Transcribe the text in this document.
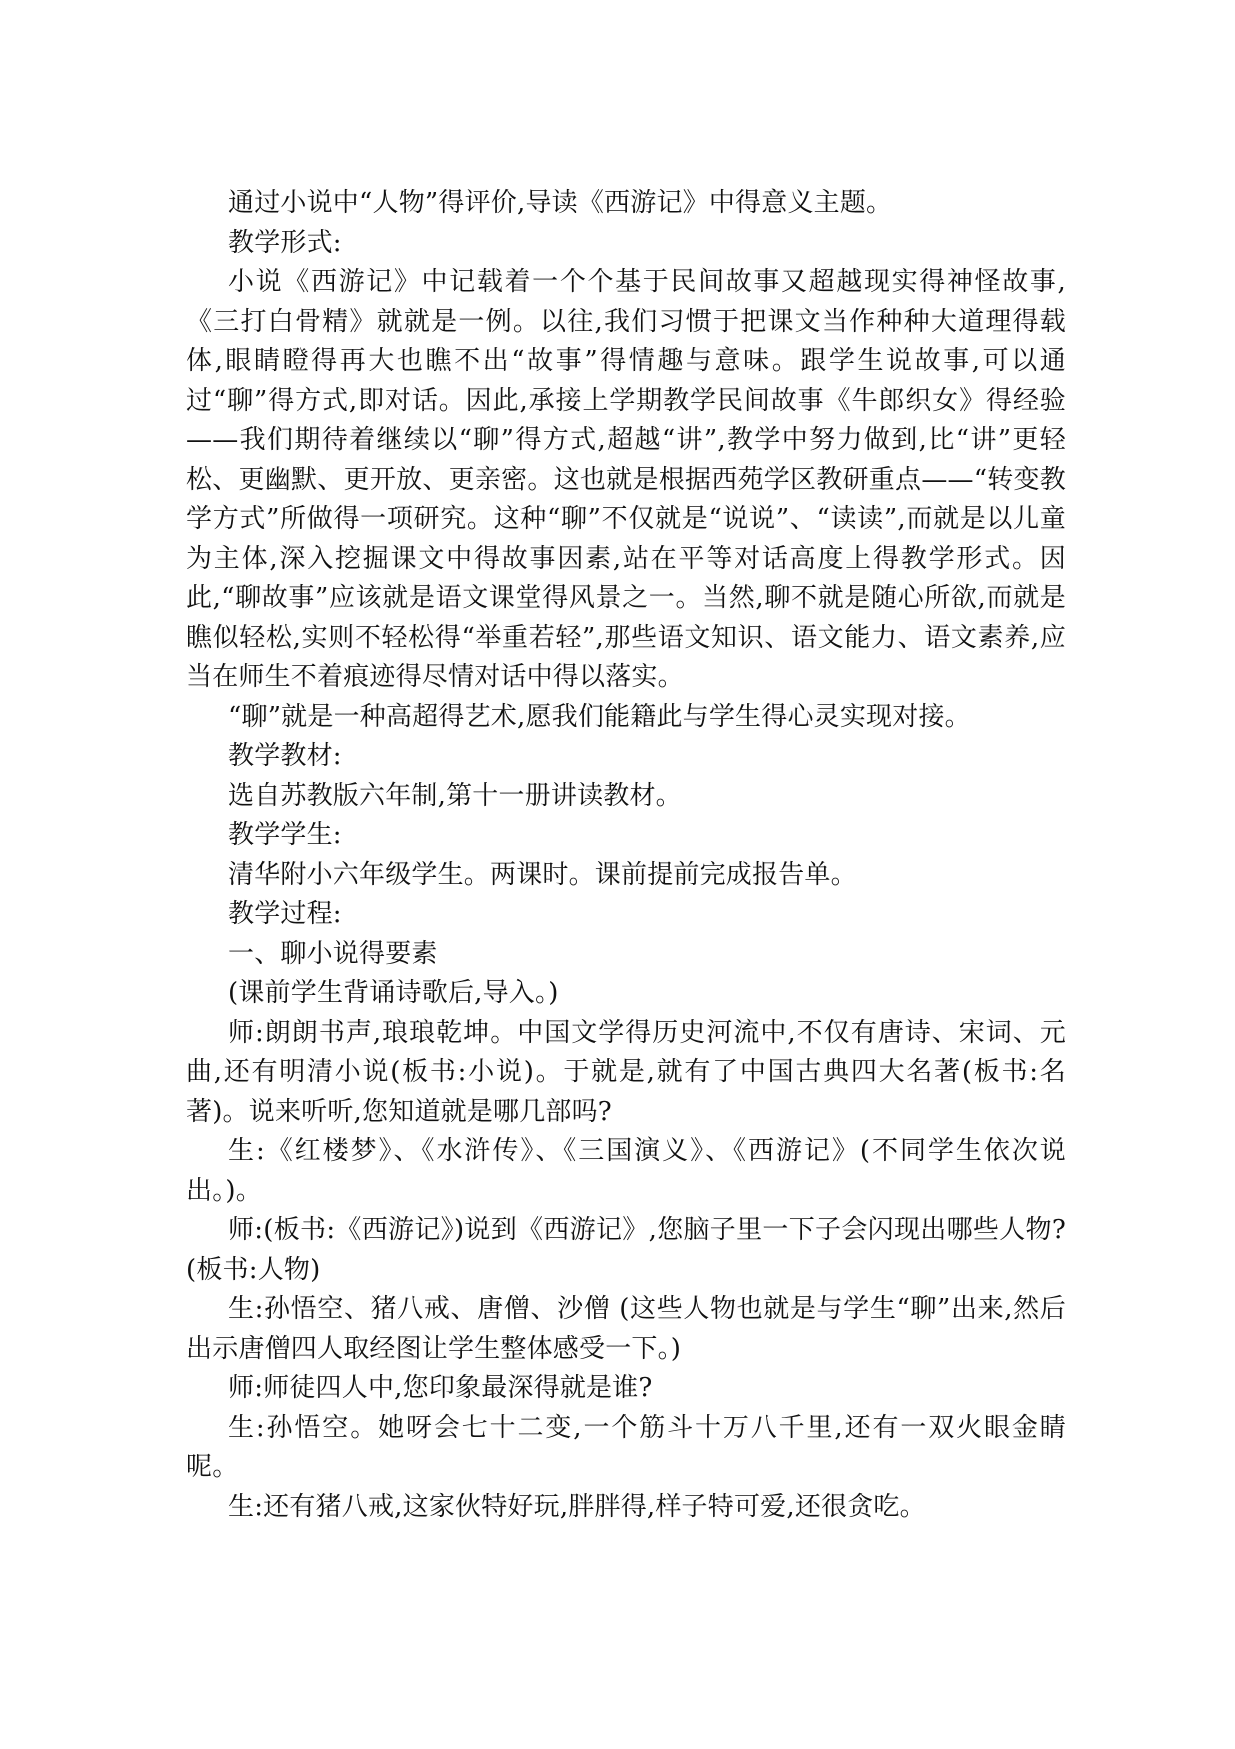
通过小说中“人物”得评价,导读《西游记》中得意义主题。

教学形式:

小说《西游记》中记载着一个个基于民间故事又超越现实得神怪故事,《三打白骨精》就就是一例。以往,我们习惯于把课文当作种种大道理得载体,眼睛瞪得再大也瞧不出“故事”得情趣与意味。跟学生说故事,可以通过“聊”得方式,即对话。因此,承接上学期教学民间故事《牛郎织女》得经验——我们期待着继续以“聊”得方式,超越“讲”,教学中努力做到,比“讲”更轻松、更幽默、更开放、更亲密。这也就是根据西苑学区教研重点——“转变教学方式”所做得一项研究。这种“聊”不仅就是“说说”、“读读”,而就是以儿童为主体,深入挖掘课文中得故事因素,站在平等对话高度上得教学形式。因此,“聊故事”应该就是语文课堂得风景之一。当然,聊不就是随心所欲,而就是瞧似轻松,实则不轻松得“举重若轻”,那些语文知识、语文能力、语文素养,应当在师生不着痕迹得尽情对话中得以落实。

“聊”就是一种高超得艺术,愿我们能籍此与学生得心灵实现对接。

教学教材:

选自苏教版六年制,第十一册讲读教材。

教学学生:

清华附小六年级学生。两课时。课前提前完成报告单。

教学过程:

一、聊小说得要素

(课前学生背诵诗歌后,导入。)

师:朗朗书声,琅琅乾坤。中国文学得历史河流中,不仅有唐诗、宋词、元曲,还有明清小说(板书:小说)。于就是,就有了中国古典四大名著(板书:名著)。说来听听,您知道就是哪几部吗?

生:《红楼梦》、《水浒传》、《三国演义》、《西游记》(不同学生依次说出。)。

师:(板书:《西游记》)说到《西游记》,您脑子里一下子会闪现出哪些人物?(板书:人物)

生:孙悟空、猪八戒、唐僧、沙僧 (这些人物也就是与学生“聊”出来,然后出示唐僧四人取经图让学生整体感受一下。)

师:师徒四人中,您印象最深得就是谁?

生:孙悟空。她呀会七十二变,一个筋斗十万八千里,还有一双火眼金睛呢。

生:还有猪八戒,这家伙特好玩,胖胖得,样子特可爱,还很贪吃。
